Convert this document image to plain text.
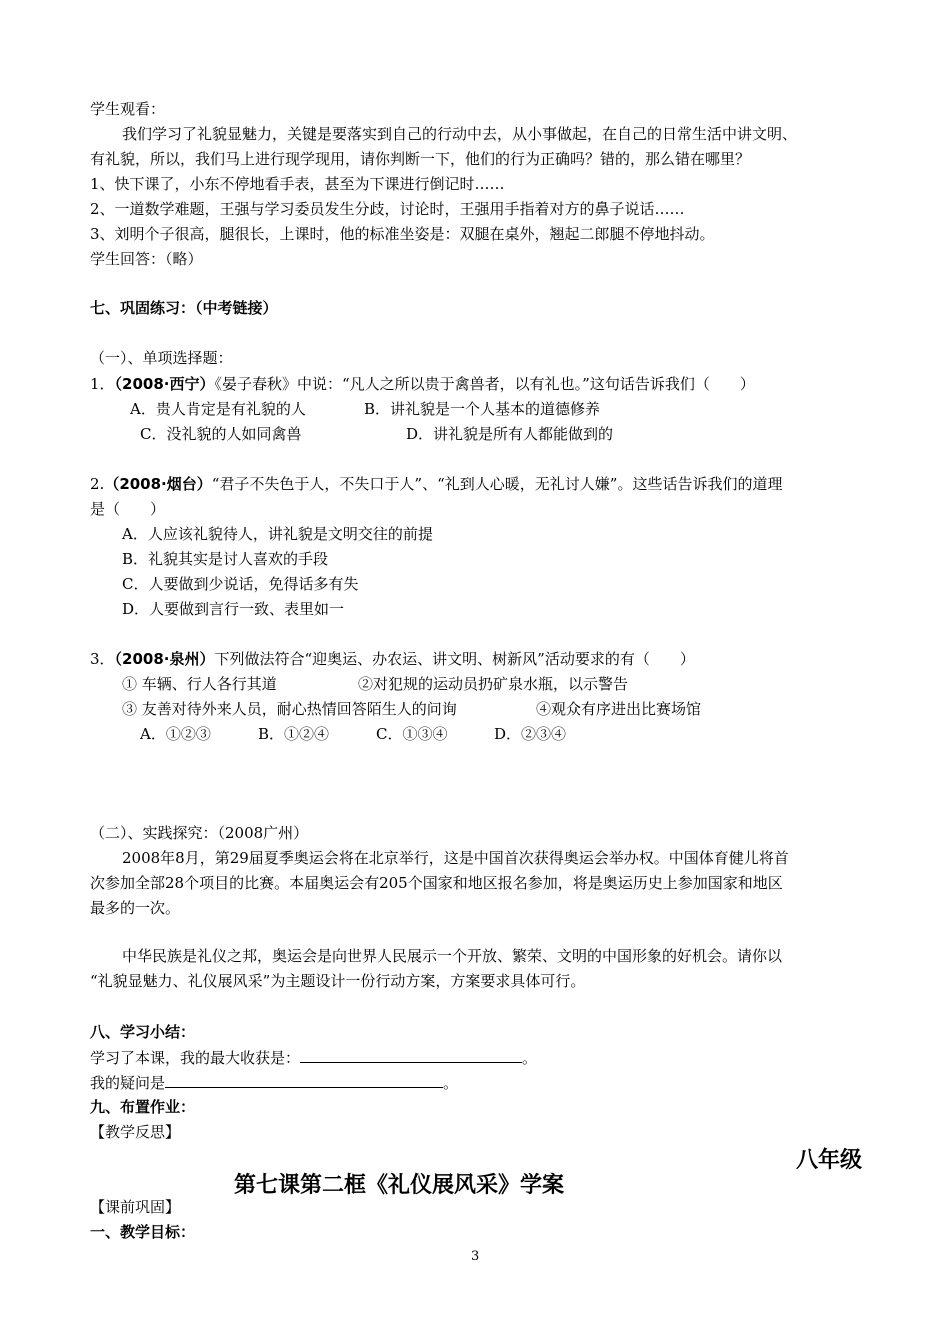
学生观看：
我们学习了礼貌显魅力，关键是要落实到自己的行动中去，从小事做起，在自己的日常生活中讲文明、
有礼貌，所以，我们马上进行现学现用，请你判断一下，他们的行为正确吗？错的，那么错在哪里？
1、快下课了，小东不停地看手表，甚至为下课进行倒记时……
2、一道数学难题，王强与学习委员发生分歧，讨论时，王强用手指着对方的鼻子说话……
3、刘明个子很高，腿很长，上课时，他的标准坐姿是：双腿在桌外，翘起二郎腿不停地抖动。
学生回答：（略）
七、巩固练习：（中考链接）
（一）、单项选择题：
1．（2008·西宁）《晏子春秋》中说：“凡人之所以贵于禽兽者，以有礼也。”这句话告诉我们（　　）
A．贵人肯定是有礼貌的人	B．讲礼貌是一个人基本的道德修养
C．没礼貌的人如同禽兽	D．讲礼貌是所有人都能做到的
2.（2008·烟台）“君子不失色于人，不失口于人”、“礼到人心暖，无礼讨人嫌”。这些话告诉我们的道理
是（　　）
A．人应该礼貌待人，讲礼貌是文明交往的前提
B．礼貌其实是讨人喜欢的手段
C．人要做到少说话，免得话多有失
D．人要做到言行一致、表里如一
3．（2008·泉州）下列做法符合“迎奥运、办农运、讲文明、树新风”活动要求的有（　　）
① 车辆、行人各行其道	②对犯规的运动员扔矿泉水瓶，以示警告
③ 友善对待外来人员，耐心热情回答陌生人的问询	④观众有序进出比赛场馆
A．①②③	B．①②④	C．①③④	D．②③④
（二）、实践探究：（2008广州）
2008年8月，第29届夏季奥运会将在北京举行，这是中国首次获得奥运会举办权。中国体育健儿将首
次参加全部28个项目的比赛。本届奥运会有205个国家和地区报名参加，将是奥运历史上参加国家和地区
最多的一次。
中华民族是礼仪之邦，奥运会是向世界人民展示一个开放、繁荣、文明的中国形象的好机会。请你以
“礼貌显魅力、礼仪展风采”为主题设计一份行动方案，方案要求具体可行。
八、学习小结：
学习了本课，我的最大收获是：	。
我的疑问是	。
九、布置作业：
【教学反思】
八年级
第七课第二框《礼仪展风采》学案
【课前巩固】
一、教学目标：
3
